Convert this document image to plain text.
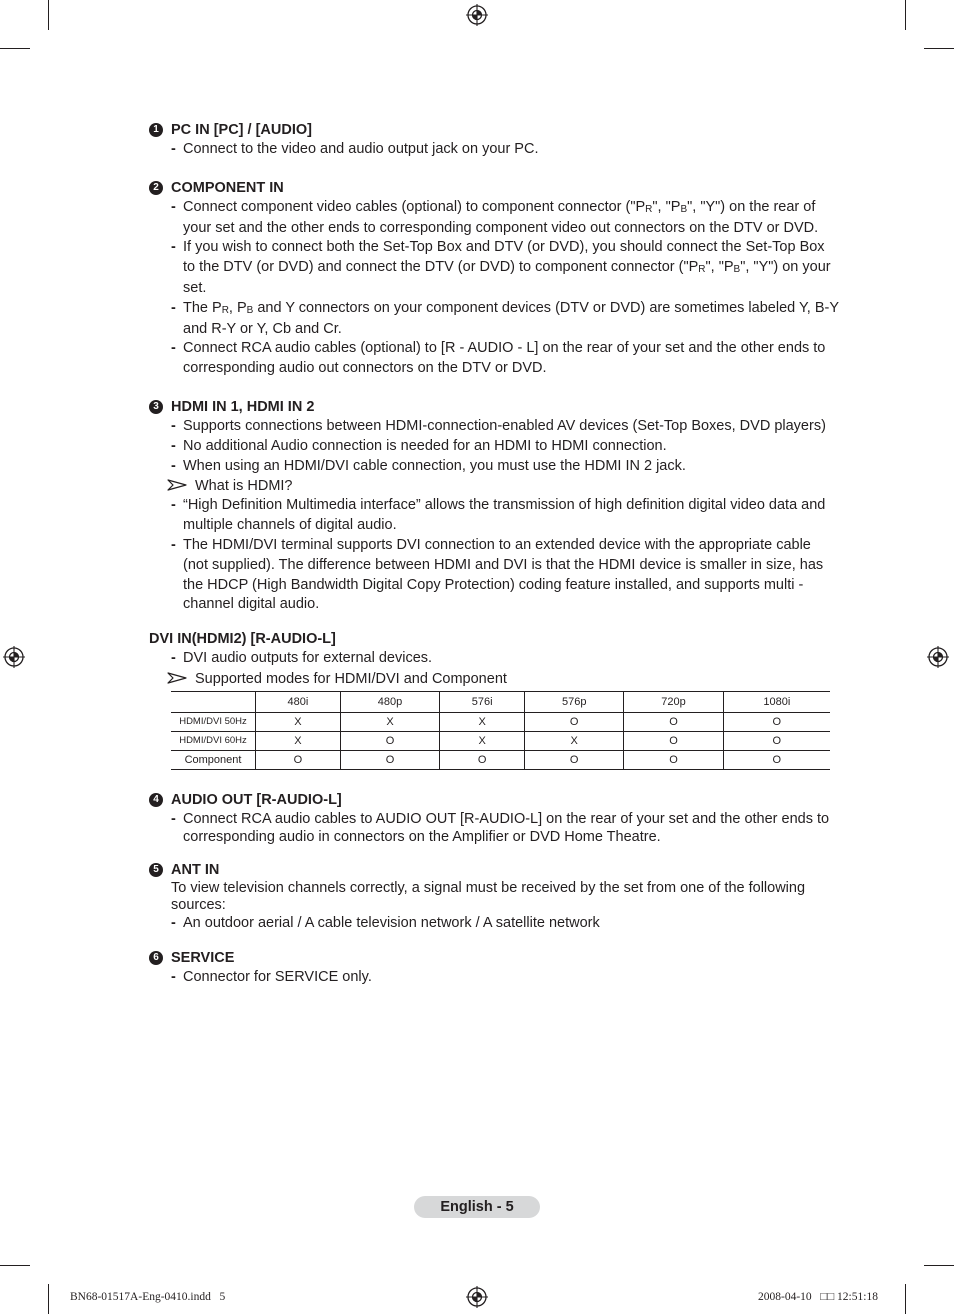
1 PC IN [PC] / [AUDIO]
- Connect to the video and audio output jack on your PC.
2 COMPONENT IN
- Connect component video cables (optional) to component connector ("$P_R$", "$P_B$", "Y") on the rear of your set and the other ends to corresponding component video out connectors on the DTV or DVD.
- If you wish to connect both the Set-Top Box and DTV (or DVD), you should connect the Set-Top Box to the DTV (or DVD) and connect the DTV (or DVD) to component connector ("$P_R$", "$P_B$", "Y") on your set.
- The $P_R$, $P_B$ and Y connectors on your component devices (DTV or DVD) are sometimes labeled Y, B-Y and R-Y or Y, Cb and Cr.
- Connect RCA audio cables (optional) to [R - AUDIO - L] on the rear of your set and the other ends to corresponding audio out connectors on the DTV or DVD.
3 HDMI IN 1, HDMI IN 2
- Supports connections between HDMI-connection-enabled AV devices (Set-Top Boxes, DVD players)
- No additional Audio connection is needed for an HDMI to HDMI connection.
- When using an HDMI/DVI cable connection, you must use the HDMI IN 2 jack.
What is HDMI?
- “High Definition Multimedia interface” allows the transmission of high definition digital video data and multiple channels of digital audio.
- The HDMI/DVI terminal supports DVI connection to an extended device with the appropriate cable (not supplied). The difference between HDMI and DVI is that the HDMI device is smaller in size, has the HDCP (High Bandwidth Digital Copy Protection) coding feature installed, and supports multi - channel digital audio.
DVI IN(HDMI2) [R-AUDIO-L]
- DVI audio outputs for external devices.
Supported modes for HDMI/DVI and Component
	480i	480p	576i	576p	720p	1080i
HDMI/DVI 50Hz	X	X	X	O	O	O
HDMI/DVI 60Hz	X	O	X	X	O	O
Component	O	O	O	O	O	O
4 AUDIO OUT [R-AUDIO-L]
- Connect RCA audio cables to AUDIO OUT [R-AUDIO-L] on the rear of your set and the other ends to corresponding audio in connectors on the Amplifier or DVD Home Theatre.
5 ANT IN
To view television channels correctly, a signal must be received by the set from one of the following sources:
- An outdoor aerial / A cable television network / A satellite network
6 SERVICE
- Connector for SERVICE only.
English - 5
BN68-01517A-Eng-0410.indd   5	2008-04-10   □□ 12:51:18
